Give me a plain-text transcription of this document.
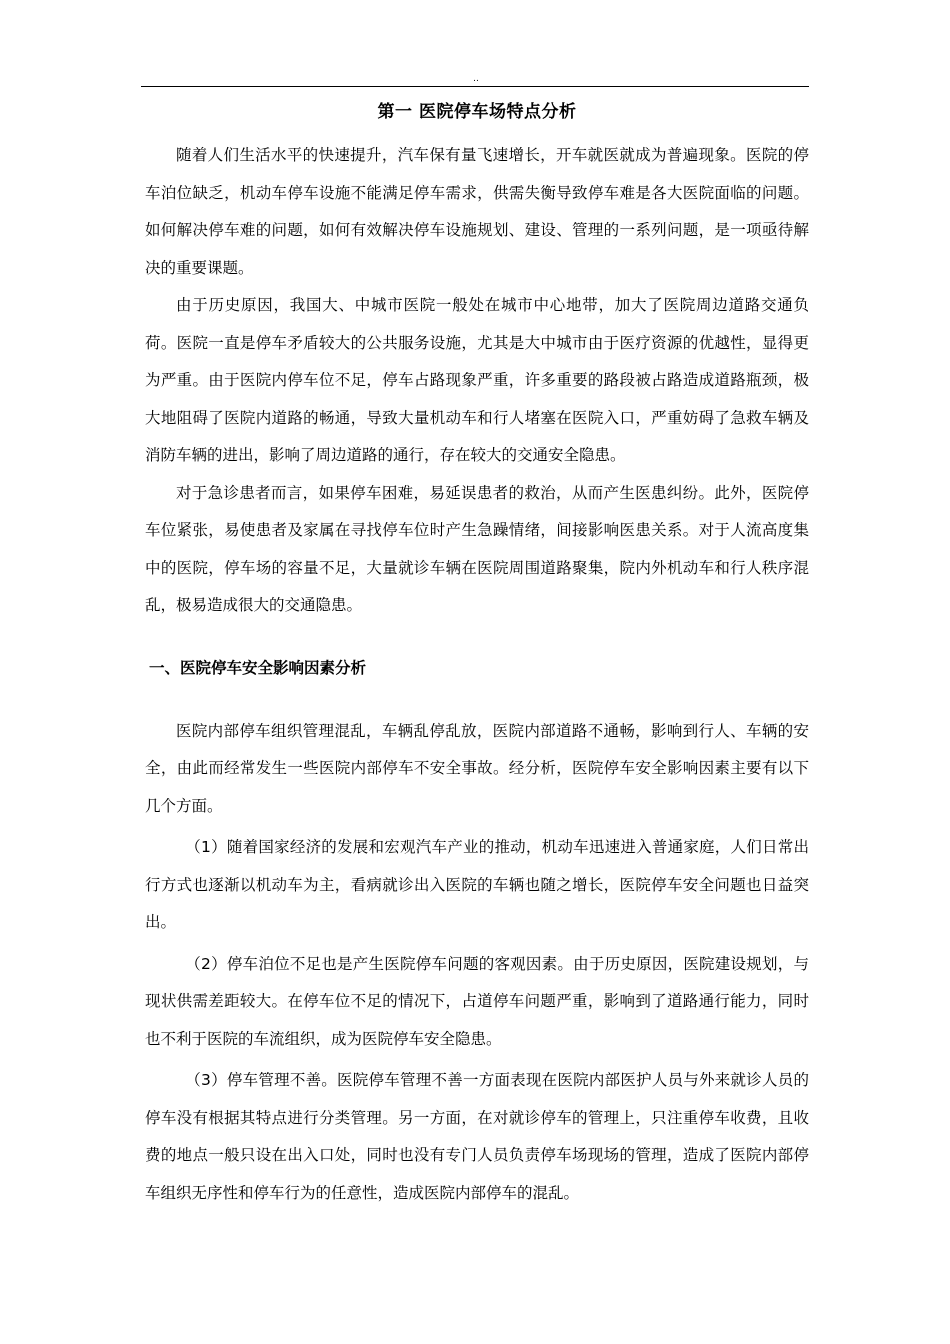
..
第一 医院停车场特点分析

随着人们生活水平的快速提升，汽车保有量飞速增长，开车就医就成为普遍现象。医院的停车泊位缺乏，机动车停车设施不能满足停车需求，供需失衡导致停车难是各大医院面临的问题。如何解决停车难的问题，如何有效解决停车设施规划、建设、管理的一系列问题，是一项亟待解决的重要课题。

由于历史原因，我国大、中城市医院一般处在城市中心地带，加大了医院周边道路交通负荷。医院一直是停车矛盾较大的公共服务设施，尤其是大中城市由于医疗资源的优越性，显得更为严重。由于医院内停车位不足，停车占路现象严重，许多重要的路段被占路造成道路瓶颈，极大地阻碍了医院内道路的畅通，导致大量机动车和行人堵塞在医院入口，严重妨碍了急救车辆及消防车辆的进出，影响了周边道路的通行，存在较大的交通安全隐患。

对于急诊患者而言，如果停车困难，易延误患者的救治，从而产生医患纠纷。此外，医院停车位紧张，易使患者及家属在寻找停车位时产生急躁情绪，间接影响医患关系。对于人流高度集中的医院，停车场的容量不足，大量就诊车辆在医院周围道路聚集，院内外机动车和行人秩序混乱，极易造成很大的交通隐患。

一、医院停车安全影响因素分析

医院内部停车组织管理混乱，车辆乱停乱放，医院内部道路不通畅，影响到行人、车辆的安全，由此而经常发生一些医院内部停车不安全事故。经分析，医院停车安全影响因素主要有以下几个方面。

（1）随着国家经济的发展和宏观汽车产业的推动，机动车迅速进入普通家庭，人们日常出行方式也逐渐以机动车为主，看病就诊出入医院的车辆也随之增长，医院停车安全问题也日益突出。

（2）停车泊位不足也是产生医院停车问题的客观因素。由于历史原因，医院建设规划，与现状供需差距较大。在停车位不足的情况下，占道停车问题严重，影响到了道路通行能力，同时也不利于医院的车流组织，成为医院停车安全隐患。

（3）停车管理不善。医院停车管理不善一方面表现在医院内部医护人员与外来就诊人员的停车没有根据其特点进行分类管理。另一方面，在对就诊停车的管理上，只注重停车收费，且收费的地点一般只设在出入口处，同时也没有专门人员负责停车场现场的管理，造成了医院内部停车组织无序性和停车行为的任意性，造成医院内部停车的混乱。
